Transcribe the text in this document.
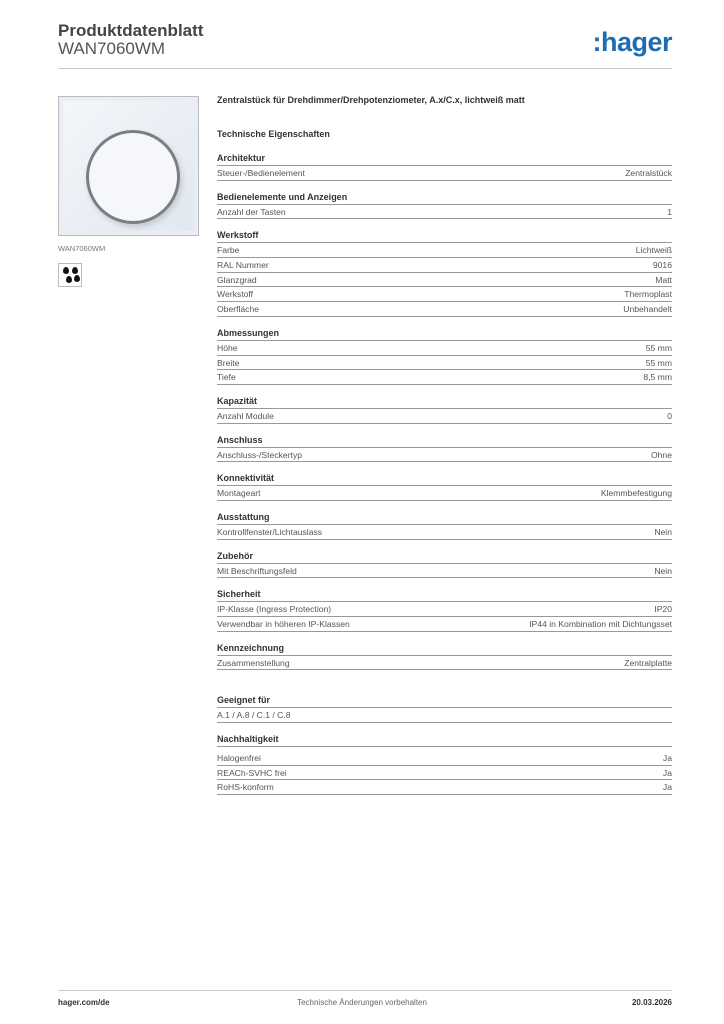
Produktdatenblatt
WAN7060WM	:hager
WAN7060WM
Zentralstück für Drehdimmer/Drehpotenziometer, A.x/C.x, lichtweiß matt
Technische Eigenschaften
Architektur
Steuer-/Bedienelement	Zentralstück
Bedienelemente und Anzeigen
Anzahl der Tasten	1
Werkstoff
Farbe	Lichtweiß
RAL Nummer	9016
Glanzgrad	Matt
Werkstoff	Thermoplast
Oberfläche	Unbehandelt
Abmessungen
Höhe	55 mm
Breite	55 mm
Tiefe	8,5 mm
Kapazität
Anzahl Module	0
Anschluss
Anschluss-/Steckertyp	Ohne
Konnektivität
Montageart	Klemmbefestigung
Ausstattung
Kontrollfenster/Lichtauslass	Nein
Zubehör
Mit Beschriftungsfeld	Nein
Sicherheit
IP-Klasse (Ingress Protection)	IP20
Verwendbar in höheren IP-Klassen	IP44 in Kombination mit Dichtungsset
Kennzeichnung
Zusammenstellung	Zentralplatte
Geeignet für
A.1 / A.8 / C.1 / C.8
Nachhaltigkeit
Halogenfrei	Ja
REACh-SVHC frei	Ja
RoHS-konform	Ja
hager.com/de	Technische Änderungen vorbehalten	20.03.2026
